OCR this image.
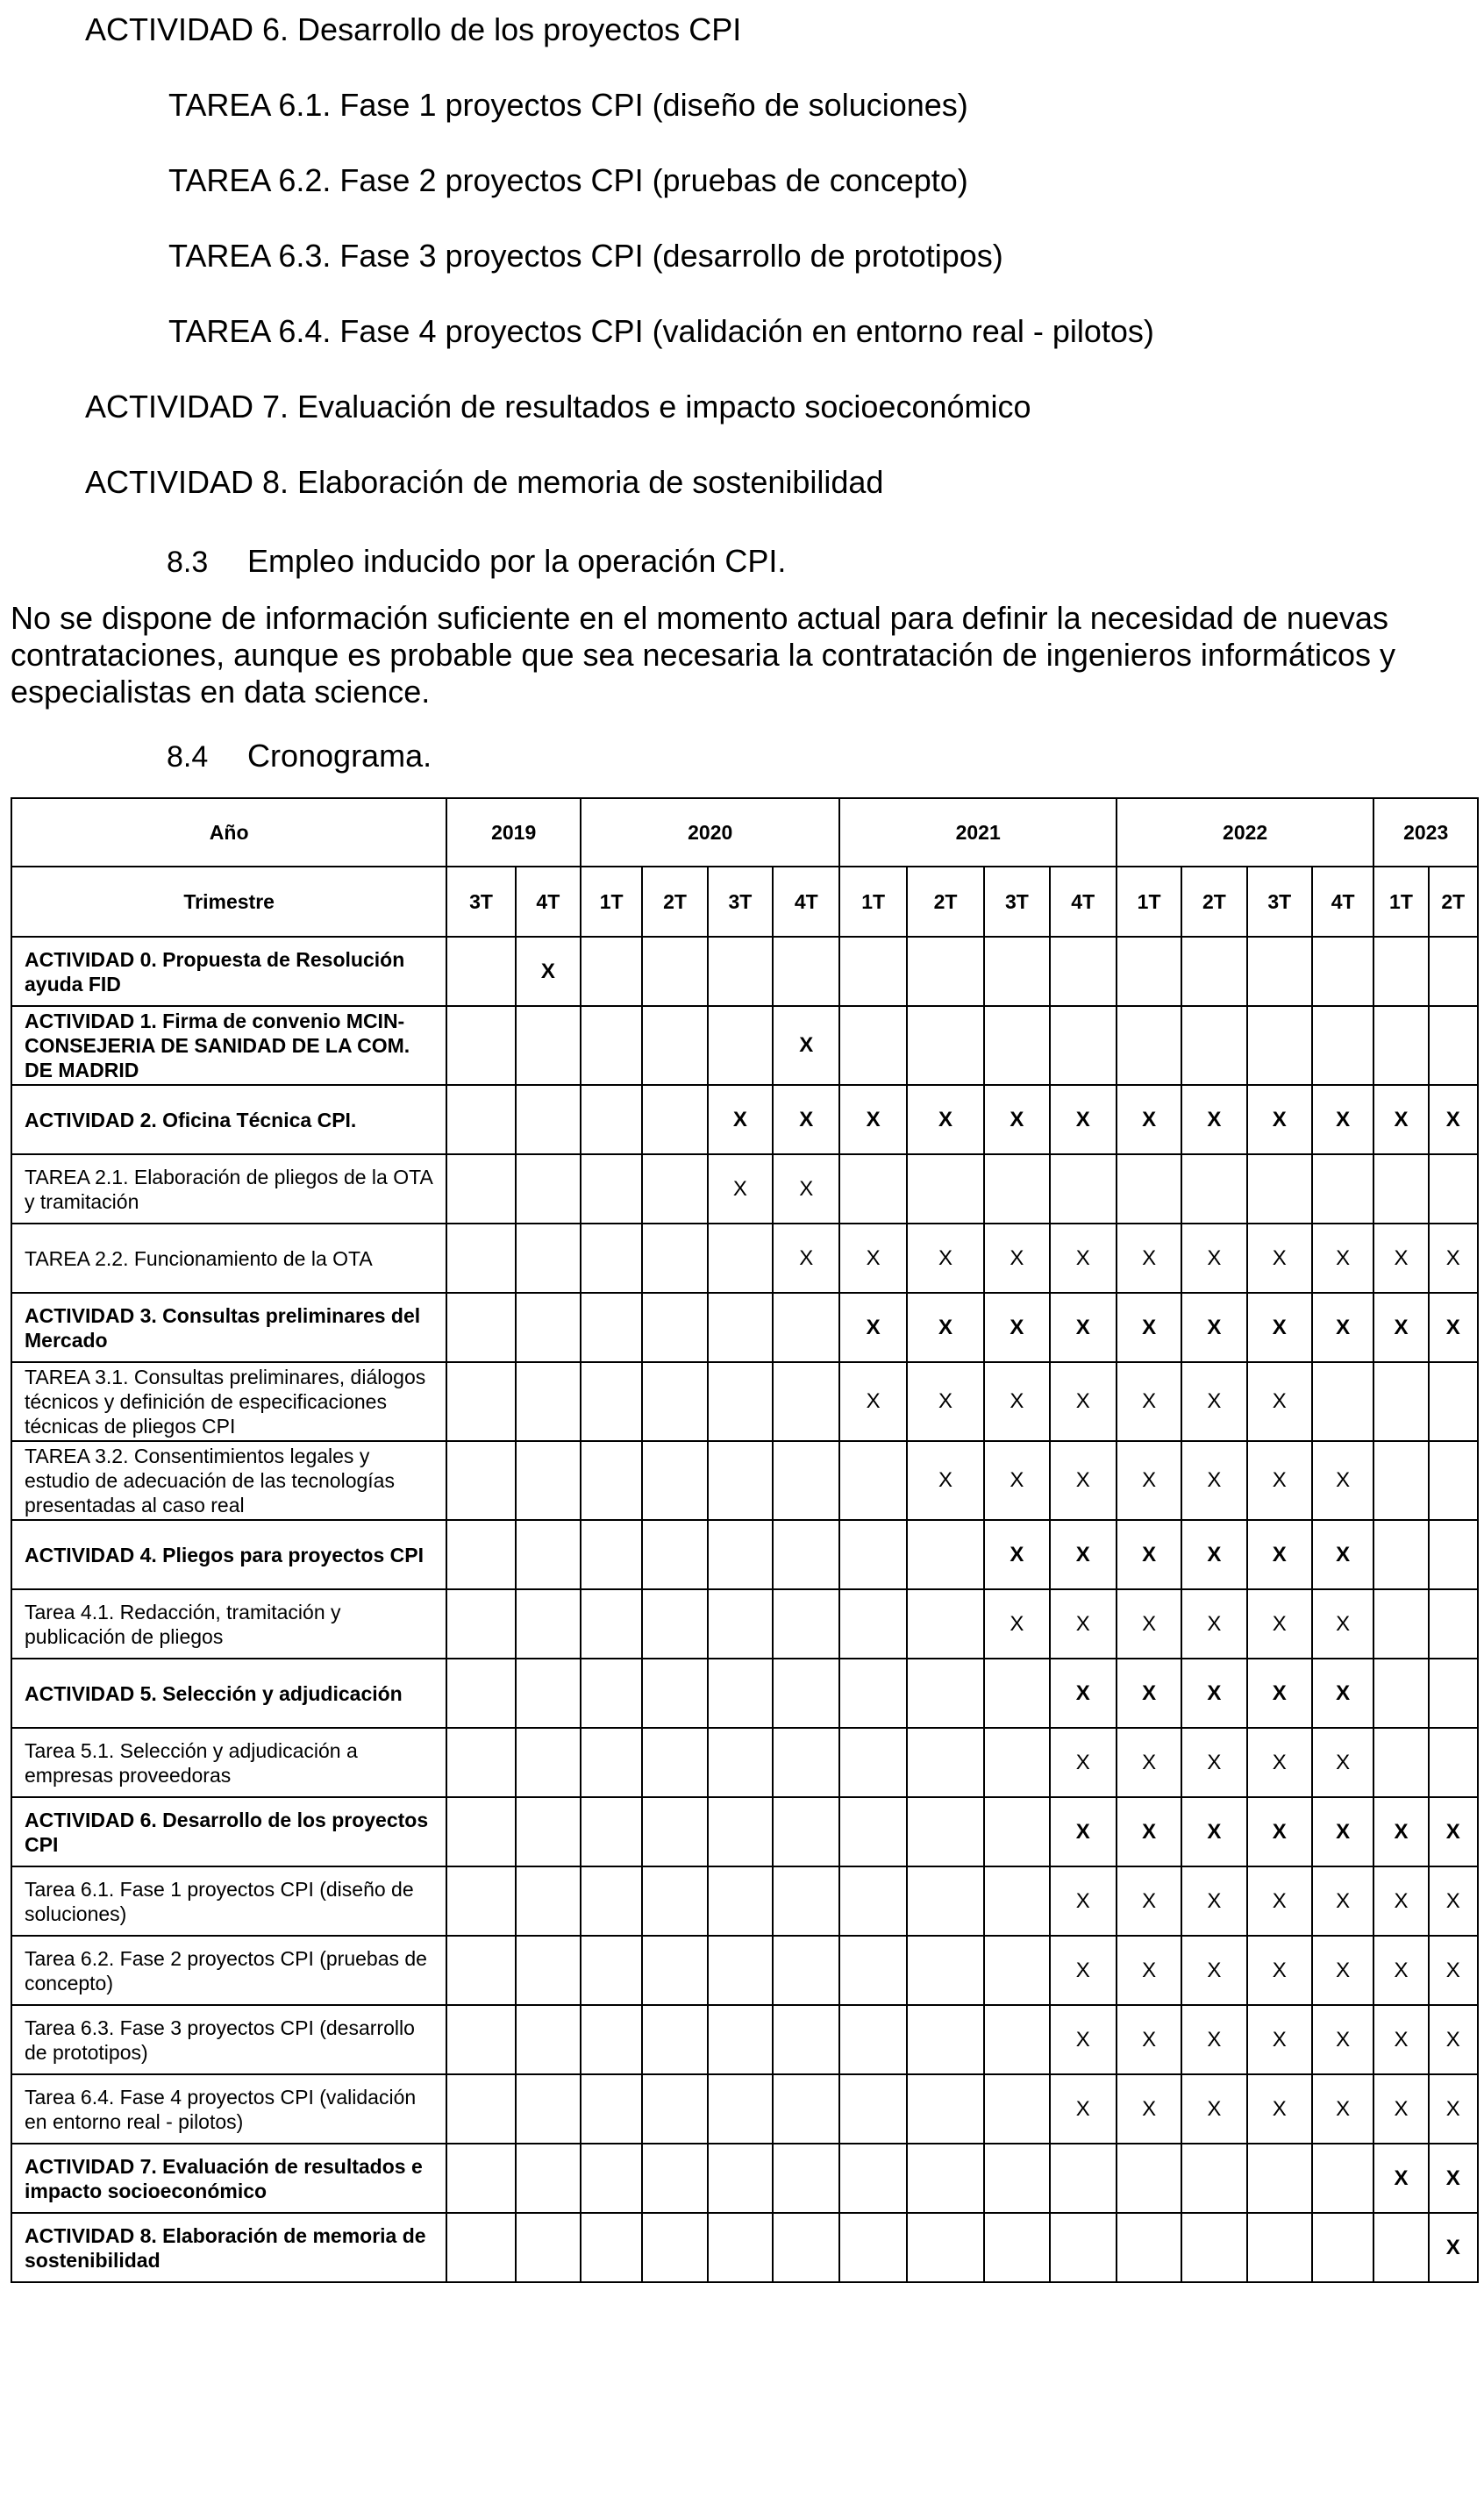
ACTIVIDAD 6. Desarrollo de los proyectos CPI
TAREA 6.1. Fase 1 proyectos CPI (diseño de soluciones)
TAREA 6.2. Fase 2 proyectos CPI (pruebas de concepto)
TAREA 6.3. Fase 3 proyectos CPI (desarrollo de prototipos)
TAREA 6.4. Fase 4 proyectos CPI (validación en entorno real - pilotos)
ACTIVIDAD 7. Evaluación de resultados e impacto socioeconómico
ACTIVIDAD 8. Elaboración de memoria de sostenibilidad
8.3 Empleo inducido por la operación CPI.
No se dispone de información suficiente en el momento actual para definir la necesidad de nuevas
contrataciones, aunque es probable que sea necesaria la contratación de ingenieros informáticos y
especialistas en data science.
8.4 Cronograma.
Año	2019		2020				2021				2022				2023	
Trimestre	3T	4T	1T	2T	3T	4T	1T	2T	3T	4T	1T	2T	3T	4T	1T	2T
ACTIVIDAD 0. Propuesta de Resolución ayuda FID		X														
ACTIVIDAD 1. Firma de convenio MCIN-CONSEJERIA DE SANIDAD DE LA COM. DE MADRID						X										
ACTIVIDAD 2. Oficina Técnica CPI.					X	X	X	X	X	X	X	X	X	X	X	X
TAREA 2.1. Elaboración de pliegos de la OTA y tramitación					X	X										
TAREA 2.2. Funcionamiento de la OTA						X	X	X	X	X	X	X	X	X	X	X
ACTIVIDAD 3. Consultas preliminares del Mercado							X	X	X	X	X	X	X	X	X	X
TAREA 3.1. Consultas preliminares, diálogos técnicos y definición de especificaciones técnicas de pliegos CPI							X	X	X	X	X	X	X			
TAREA 3.2. Consentimientos legales y estudio de adecuación de las tecnologías presentadas al caso real								X	X	X	X	X	X	X		
ACTIVIDAD 4. Pliegos para proyectos CPI									X	X	X	X	X	X		
Tarea 4.1. Redacción, tramitación y publicación de pliegos									X	X	X	X	X	X		
ACTIVIDAD 5. Selección y adjudicación										X	X	X	X	X		
Tarea 5.1. Selección y adjudicación a empresas proveedoras										X	X	X	X	X		
ACTIVIDAD 6. Desarrollo de los proyectos CPI										X	X	X	X	X	X	X
Tarea 6.1. Fase 1 proyectos CPI (diseño de soluciones)										X	X	X	X	X	X	X
Tarea 6.2. Fase 2 proyectos CPI (pruebas de concepto)										X	X	X	X	X	X	X
Tarea 6.3. Fase 3 proyectos CPI (desarrollo de prototipos)										X	X	X	X	X	X	X
Tarea 6.4. Fase 4 proyectos CPI (validación en entorno real - pilotos)										X	X	X	X	X	X	X
ACTIVIDAD 7. Evaluación de resultados e impacto socioeconómico															X	X
ACTIVIDAD 8. Elaboración de memoria de sostenibilidad																X
